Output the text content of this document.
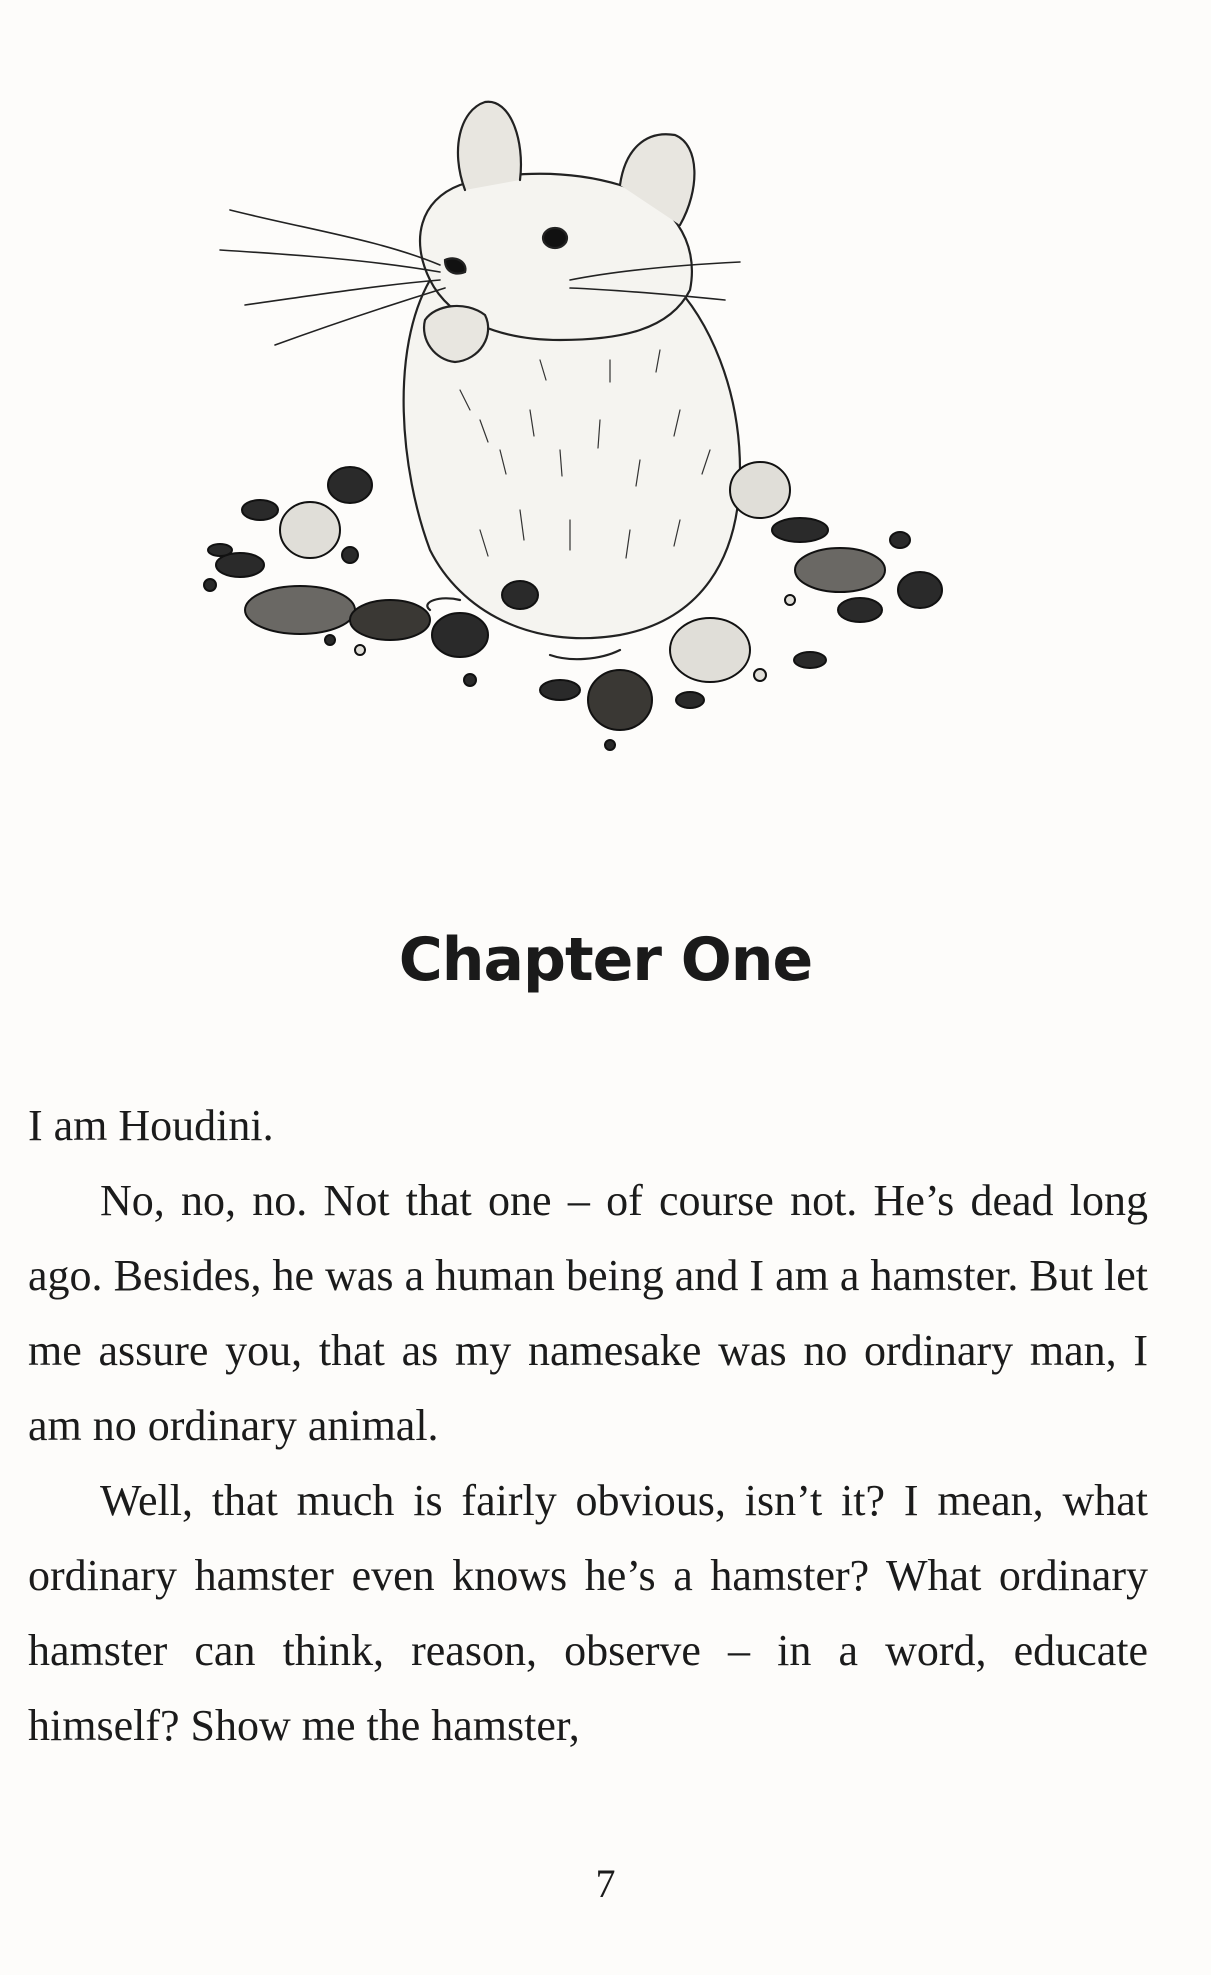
Chapter One

I am Houdini.

No, no, no. Not that one – of course not. He’s dead long ago. Besides, he was a human being and I am a hamster. But let me assure you, that as my namesake was no ordinary man, I am no ordinary animal.

Well, that much is fairly obvious, isn’t it? I mean, what ordinary hamster even knows he’s a hamster? What ordinary hamster can think, reason, observe – in a word, educate himself? Show me the hamster,

7
